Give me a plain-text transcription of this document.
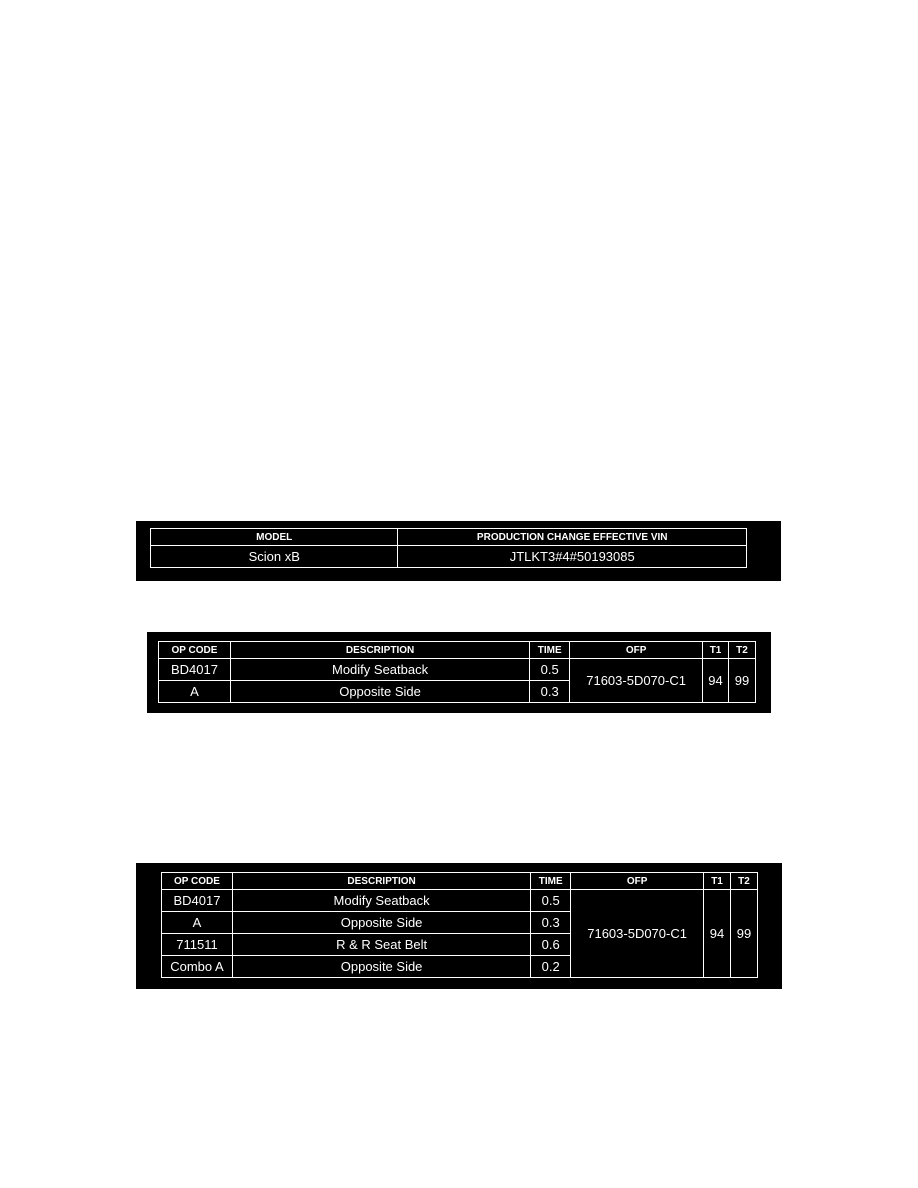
MODEL	PRODUCTION CHANGE EFFECTIVE VIN
Scion xB	JTLKT3#4#50193085
OP CODE	DESCRIPTION	TIME	OFP	T1	T2
BD4017	Modify Seatback	0.5	71603-5D070-C1	94	99
A	Opposite Side	0.3			
OP CODE	DESCRIPTION	TIME	OFP	T1	T2
BD4017	Modify Seatback	0.5	71603-5D070-C1	94	99
A	Opposite Side	0.3			
711511	R & R Seat Belt	0.6			
Combo A	Opposite Side	0.2			
